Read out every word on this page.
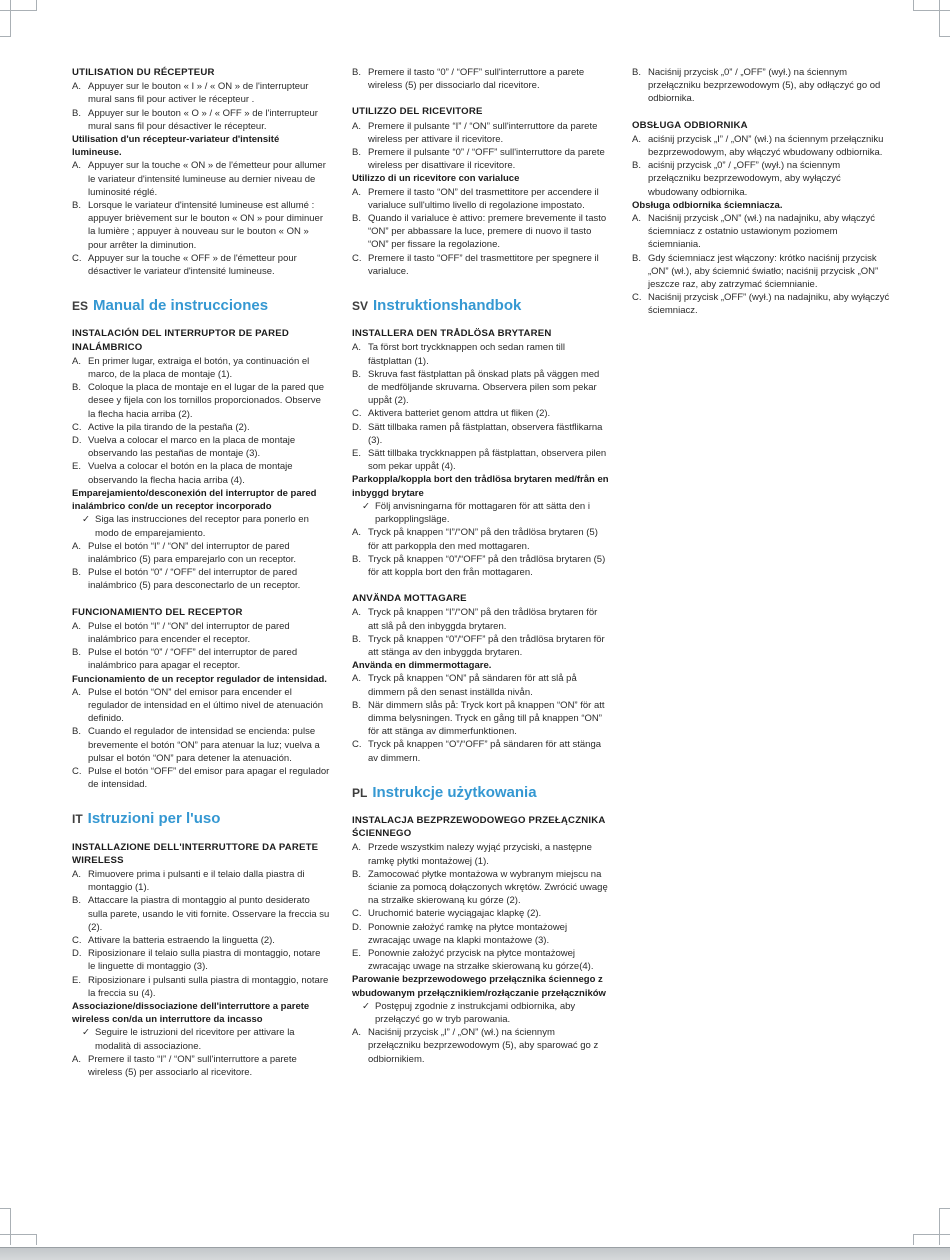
UTILISATION DU RÉCEPTEUR
A. Appuyer sur le bouton « I » / « ON » de l'interrupteur mural sans fil pour activer le récepteur .
B. Appuyer sur le bouton « O » / « OFF » de l'interrupteur mural sans fil pour désactiver le récepteur.
Utilisation d'un récepteur-variateur d'intensité lumineuse.
A. Appuyer sur la touche « ON » de l'émetteur pour allumer le variateur d'intensité lumineuse au dernier niveau de luminosité réglé.
B. Lorsque le variateur d'intensité lumineuse est allumé : appuyer brièvement sur le bouton « ON » pour diminuer la lumière ; appuyer à nouveau sur le bouton « ON » pour arrêter la diminution.
C. Appuyer sur la touche « OFF » de l'émetteur pour désactiver le variateur d'intensité lumineuse.
ES Manual de instrucciones
INSTALACIÓN DEL INTERRUPTOR DE PARED INALÁMBRICO
A. En primer lugar, extraiga el botón, ya continuación el marco, de la placa de montaje (1).
B. Coloque la placa de montaje en el lugar de la pared que desee y fijela con los tornillos proporcionados. Observe la flecha hacia arriba (2).
C. Active la pila tirando de la pestaña (2).
D. Vuelva a colocar el marco en la placa de montaje observando las pestañas de montaje (3).
E. Vuelva a colocar el botón en la placa de montaje observando la flecha hacia arriba (4).
Emparejamiento/desconexión del interruptor de pared inalámbrico con/de un receptor incorporado
✓ Siga las instrucciones del receptor para ponerlo en modo de emparejamiento.
A. Pulse el botón “I” / “ON” del interruptor de pared inalámbrico (5) para emparejarlo con un receptor.
B. Pulse el botón “0” / “OFF” del interruptor de pared inalámbrico (5) para desconectarlo de un receptor.
FUNCIONAMIENTO DEL RECEPTOR
A. Pulse el botón “I” / “ON” del interruptor de pared inalámbrico para encender el receptor.
B. Pulse el botón “0” / “OFF” del interruptor de pared inalámbrico para apagar el receptor.
Funcionamiento de un receptor regulador de intensidad.
A. Pulse el botón “ON” del emisor para encender el regulador de intensidad en el último nivel de atenuación definido.
B. Cuando el regulador de intensidad se encienda: pulse brevemente el botón “ON” para atenuar la luz; vuelva a pulsar el botón “ON” para detener la atenuación.
C. Pulse el botón “OFF” del emisor para apagar el regulador de intensidad.
IT Istruzioni per l'uso
INSTALLAZIONE DELL'INTERRUTTORE DA PARETE WIRELESS
A. Rimuovere prima i pulsanti e il telaio dalla piastra di montaggio (1).
B. Attaccare la piastra di montaggio al punto desiderato sulla parete, usando le viti fornite. Osservare la freccia su (2).
C. Attivare la batteria estraendo la linguetta (2).
D. Riposizionare il telaio sulla piastra di montaggio, notare le linguette di montaggio (3).
E. Riposizionare i pulsanti sulla piastra di montaggio, notare la freccia su (4).
Associazione/dissociazione dell'interruttore a parete wireless con/da un interruttore da incasso
✓ Seguire le istruzioni del ricevitore per attivare la modalità di associazione.
A. Premere il tasto “I” / “ON” sull'interruttore a parete wireless (5) per associarlo al ricevitore.
B. Premere il tasto “0” / “OFF” sull'interruttore a parete wireless (5) per dissociarlo dal ricevitore.
UTILIZZO DEL RICEVITORE
A. Premere il pulsante “I” / “ON” sull'interruttore da parete wireless per attivare il ricevitore.
B. Premere il pulsante “0” / “OFF” sull'interruttore da parete wireless per disattivare il ricevitore.
Utilizzo di un ricevitore con varialuce
A. Premere il tasto “ON” del trasmettitore per accendere il varialuce sull'ultimo livello di regolazione impostato.
B. Quando il varialuce è attivo: premere brevemente il tasto “ON” per abbassare la luce, premere di nuovo il tasto “ON” per fissare la regolazione.
C. Premere il tasto “OFF” del trasmettitore per spegnere il varialuce.
SV Instruktionshandbok
INSTALLERA DEN TRÅDLÖSA BRYTAREN
A. Ta först bort tryckknappen och sedan ramen till fästplattan (1).
B. Skruva fast fästplattan på önskad plats på väggen med de medföljande skruvarna. Observera pilen som pekar uppåt (2).
C. Aktivera batteriet genom attdra ut fliken (2).
D. Sätt tillbaka ramen på fästplattan, observera fästflikarna (3).
E. Sätt tillbaka tryckknappen på fästplattan, observera pilen som pekar uppåt (4).
Parkoppla/koppla bort den trådlösa brytaren med/från en inbyggd brytare
✓ Följ anvisningarna för mottagaren för att sätta den i parkopplingsläge.
A. Tryck på knappen “I”/“ON” på den trådlösa brytaren (5) för att parkoppla den med mottagaren.
B. Tryck på knappen “0”/“OFF” på den trådlösa brytaren (5) för att koppla bort den från mottagaren.
ANVÄNDA MOTTAGARE
A. Tryck på knappen “I”/“ON” på den trådlösa brytaren för att slå på den inbyggda brytaren.
B. Tryck på knappen “0”/“OFF” på den trådlösa brytaren för att stänga av den inbyggda brytaren.
Använda en dimmermottagare.
A. Tryck på knappen “ON” på sändaren för att slå på dimmern på den senast inställda nivån.
B. När dimmern slås på: Tryck kort på knappen “ON” för att dimma belysningen. Tryck en gång till på knappen “ON” för att stänga av dimmerfunktionen.
C. Tryck på knappen “O”/“OFF” på sändaren för att stänga av dimmern.
PL Instrukcje użytkowania
INSTALACJA BEZPRZEWODOWEGO PRZEŁĄCZNIKA ŚCIENNEGO
A. Przede wszystkim nalezy wyjąć przyciski, a następne ramkę płytki montażowej (1).
B. Zamocować płytke montażowa w wybranym miejscu na ścianie za pomocą dołączonych wkrętów. Zwrócić uwagę na strzałke skierowaną ku górze (2).
C. Uruchomić baterie wyciągajac klapkę (2).
D. Ponownie założyć ramkę na płytce montażowej zwracając uwage na klapki montażowe (3).
E. Ponownie założyć przycisk na płytce montażowej zwracając uwage na strzałke skierowaną ku górze(4).
Parowanie bezprzewodowego przełącznika ściennego z wbudowanym przełącznikiem/rozłączanie przełączników
✓ Postępuj zgodnie z instrukcjami odbiornika, aby przełączyć go w tryb parowania.
A. Naciśnij przycisk „I” / „ON” (wł.) na ściennym przełączniku bezprzewodowym (5), aby sparować go z odbiornikiem.
B. Naciśnij przycisk „0” / „OFF” (wył.) na ściennym przełączniku bezprzewodowym (5), aby odłączyć go od odbiornika.
OBSŁUGA ODBIORNIKA
A. aciśnij przycisk „I” / „ON” (wł.) na ściennym przełączniku bezprzewodowym, aby włączyć wbudowany odbiornika.
B. aciśnij przycisk „0” / „OFF” (wył.) na ściennym przełączniku bezprzewodowym, aby wyłączyć wbudowany odbiornika.
Obsługa odbiornika ściemniacza.
A. Naciśnij przycisk „ON” (wł.) na nadajniku, aby włączyć ściemniacz z ostatnio ustawionym poziomem ściemniania.
B. Gdy ściemniacz jest włączony: krótko naciśnij przycisk „ON” (wł.), aby ściemnić światło; naciśnij przycisk „ON” jeszcze raz, aby zatrzymać ściemnianie.
C. Naciśnij przycisk „OFF” (wył.) na nadajniku, aby wyłączyć ściemniacz.
